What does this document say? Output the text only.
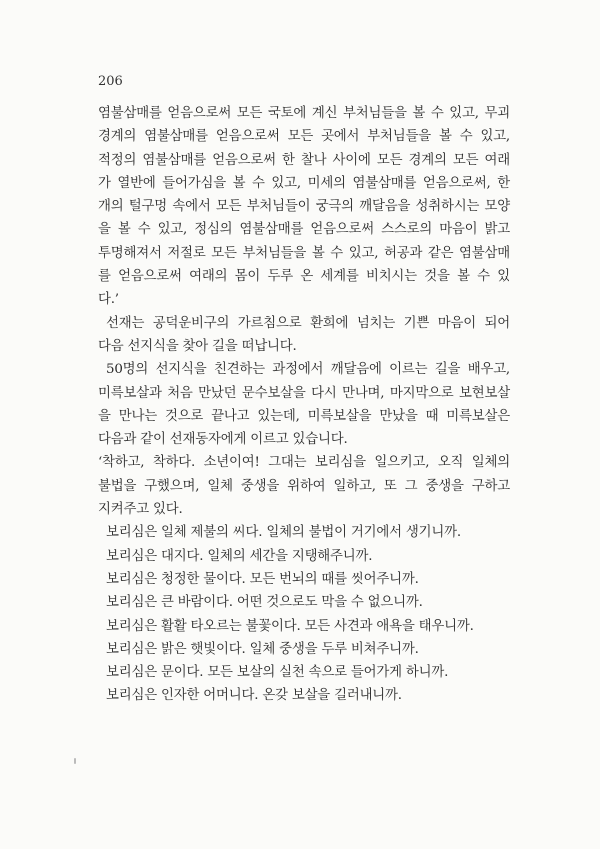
206
염불삼매를 얻음으로써 모든 국토에 계신 부처님들을 볼 수 있고, 무괴
경계의 염불삼매를 얻음으로써 모든 곳에서 부처님들을 볼 수 있고,
적정의 염불삼매를 얻음으로써 한 찰나 사이에 모든 경계의 모든 여래
가 열반에 들어가심을 볼 수 있고, 미세의 염불삼매를 얻음으로써, 한
개의 털구멍 속에서 모든 부처님들이 궁극의 깨달음을 성취하시는 모양
을 볼 수 있고, 정심의 염불삼매를 얻음으로써 스스로의 마음이 밝고
투명해져서 저절로 모든 부처님들을 볼 수 있고, 허공과 같은 염불삼매
를 얻음으로써 여래의 몸이 두루 온 세계를 비치시는 것을 볼 수 있
다.’
선재는 공덕운비구의 가르침으로 환희에 넘치는 기쁜 마음이 되어
다음 선지식을 찾아 길을 떠납니다.
50명의 선지식을 친견하는 과정에서 깨달음에 이르는 길을 배우고,
미륵보살과 처음 만났던 문수보살을 다시 만나며, 마지막으로 보현보살
을 만나는 것으로 끝나고 있는데, 미륵보살을 만났을 때 미륵보살은
다음과 같이 선재동자에게 이르고 있습니다.
‘착하고, 착하다. 소년이여! 그대는 보리심을 일으키고, 오직 일체의
불법을 구했으며, 일체 중생을 위하여 일하고, 또 그 중생을 구하고
지켜주고 있다.
보리심은 일체 제불의 씨다. 일체의 불법이 거기에서 생기니까.
보리심은 대지다. 일체의 세간을 지탱해주니까.
보리심은 청정한 물이다. 모든 번뇌의 때를 씻어주니까.
보리심은 큰 바람이다. 어떤 것으로도 막을 수 없으니까.
보리심은 활활 타오르는 불꽃이다. 모든 사견과 애욕을 태우니까.
보리심은 밝은 햇빛이다. 일체 중생을 두루 비쳐주니까.
보리심은 문이다. 모든 보살의 실천 속으로 들어가게 하니까.
보리심은 인자한 어머니다. 온갖 보살을 길러내니까.
